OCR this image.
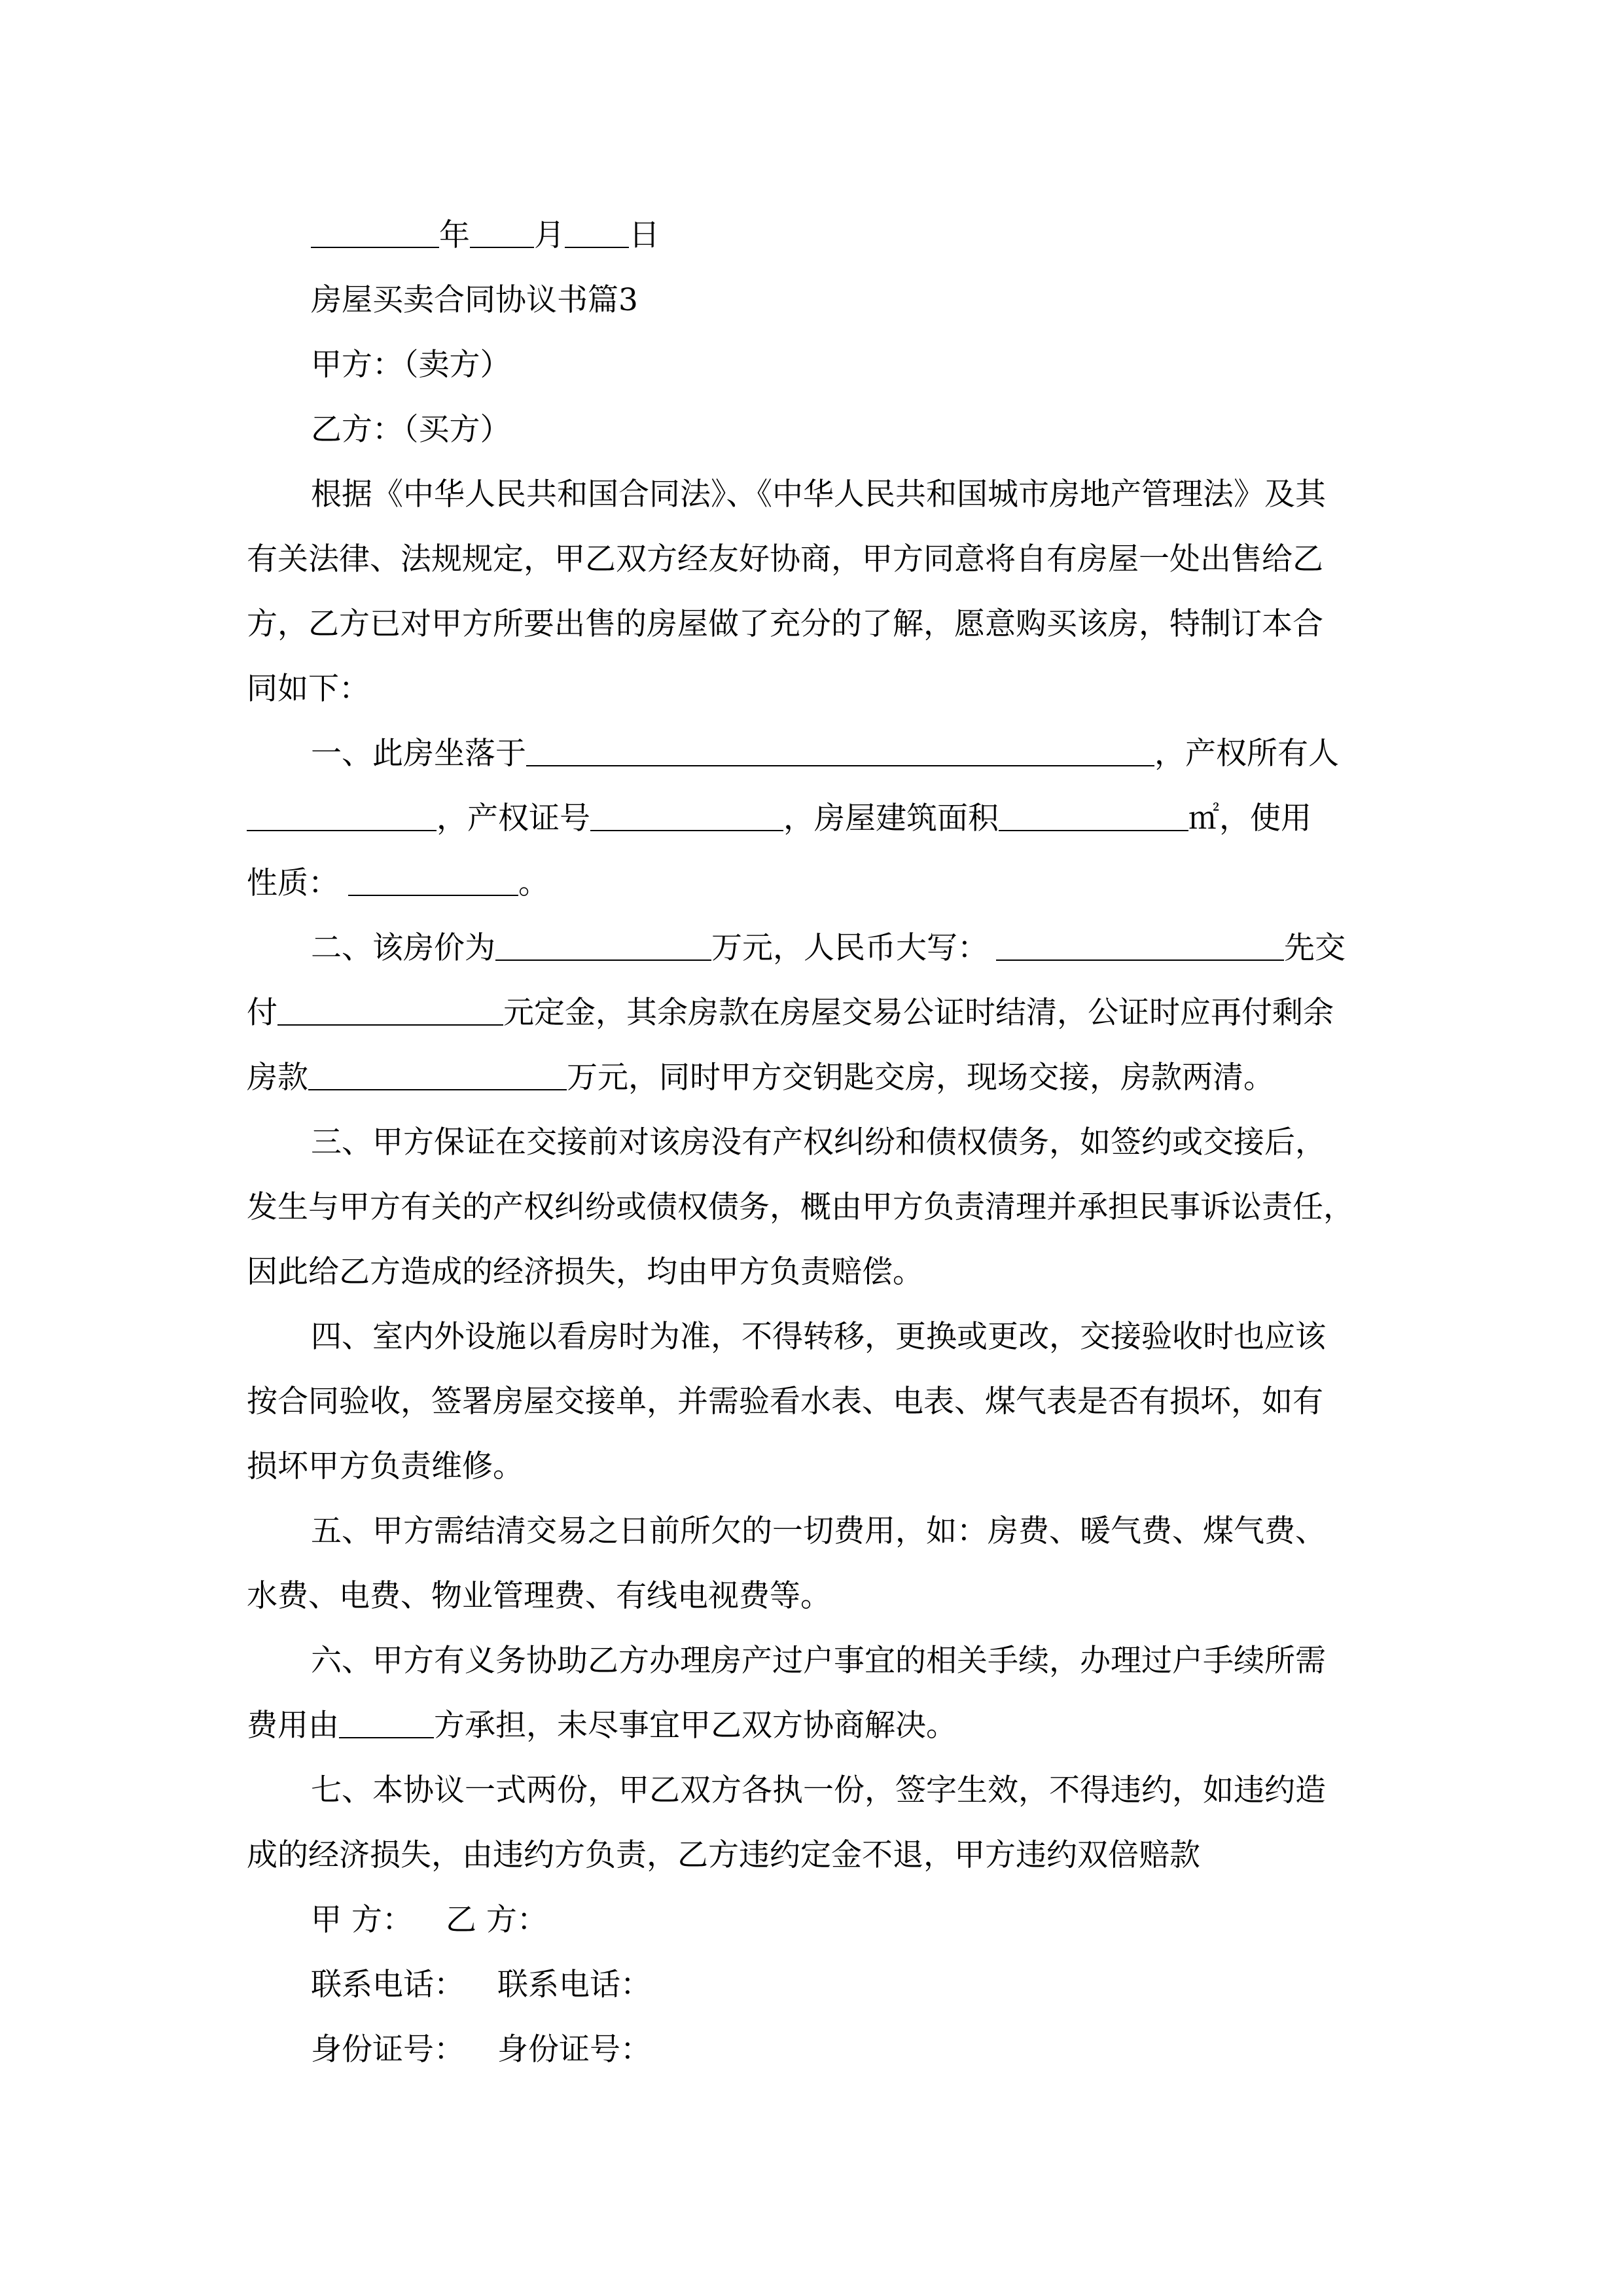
年 月 日
房屋买卖合同协议书篇3
甲方：（卖方）
乙方：（买方）
根据《中华人民共和国合同法》、《中华人民共和国城市房地产管理法》及其
有关法律、法规规定，甲乙双方经友好协商，甲方同意将自有房屋一处出售给乙
方，乙方已对甲方所要出售的房屋做了充分的了解，愿意购买该房，特制订本合
同如下：
一、此房坐落于	，产权所有人
，产权证号	，房屋建筑面积	㎡，使用
性质：	。
二、该房价为	万元，人民币大写：	先交
付	元定金，其余房款在房屋交易公证时结清，公证时应再付剩余
房款	万元，同时甲方交钥匙交房，现场交接，房款两清。
三、甲方保证在交接前对该房没有产权纠纷和债权债务，如签约或交接后，
发生与甲方有关的产权纠纷或债权债务，概由甲方负责清理并承担民事诉讼责任，
因此给乙方造成的经济损失，均由甲方负责赔偿。
四、室内外设施以看房时为准，不得转移，更换或更改，交接验收时也应该
按合同验收，签署房屋交接单，并需验看水表、电表、煤气表是否有损坏，如有
损坏甲方负责维修。
五、甲方需结清交易之日前所欠的一切费用，如：房费、暖气费、煤气费、
水费、电费、物业管理费、有线电视费等。
六、甲方有义务协助乙方办理房产过户事宜的相关手续，办理过户手续所需
费用由	方承担，未尽事宜甲乙双方协商解决。
七、本协议一式两份，甲乙双方各执一份，签字生效，不得违约，如违约造
成的经济损失，由违约方负责，乙方违约定金不退，甲方违约双倍赔款
甲 方： 乙 方：
联系电话： 联系电话：
身份证号： 身份证号：
